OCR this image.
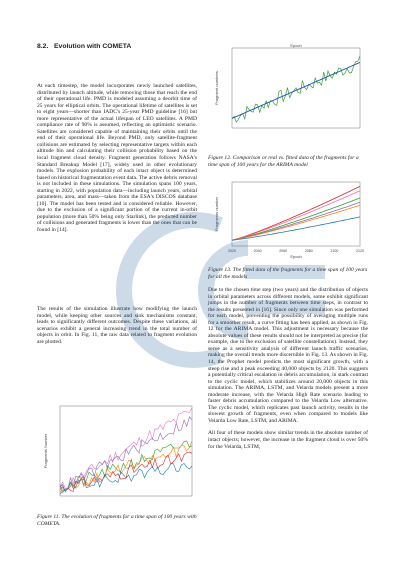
8.2. Evolution with COMETA

At each timestep, the model incorporates newly launched satellites, distributed by launch altitude, while removing those that reach the end of their operational life. PMD is modeled assuming a deorbit time of 25 years for elliptical orbits. The operational lifetime of satellites is set to eight years—shorter than IADC's 25-year PMD guideline [16] but more representative of the actual lifespan of LEO satellites. A PMD compliance rate of 90% is assumed, reflecting an optimistic scenario. Satellites are considered capable of maintaining their orbits until the end of their operational life. Beyond PMD, only satellite-fragment collisions are estimated by selecting representative targets within each altitude bin and calculating their collision probability based on the local fragment cloud density. Fragment generation follows NASA's Standard Breakup Model [17], widely used in other evolutionary models. The explosion probability of each intact object is determined based on historical fragmentation event data. The active debris removal is not included in these simulations. The simulation spans 100 years, starting in 2022, with population data—including launch years, orbital parameters, area, and mass—taken from the ESA's DISCOS database [10]. The model has been tested and is considered reliable. However, due to the exclusion of a significant portion of the current in-orbit population (more than 50% being only Starlink), the predicted number of collisions and generated fragments is lower than the ones that can be found in [14].

The results of the simulation illustrate how modifying the launch model, while keeping other sources and sink mechanisms constant, leads to significantly different outcomes. Despite these variations, all scenarios exhibit a general increasing trend in the total number of objects in orbit. In Fig. 11, the raw data related to fragment evolution are plotted.

Fragments Number
Figure 11. The evolution of fragments for a time span of 100 years with COMETA.
Epoch
Fragment numbers
Figure 12. Comparison or real vs. fitted data of the fragments for a time span of 100 years for the ARIMA model
2020	2040	2060	2080	2100	2120
Epoch
Fragments number
Figure 13. The fitted data of the fragments for a time span of 100 years for all the models

Due to the chosen time step (two years) and the distribution of objects in orbital parameters across different models, some exhibit significant jumps in the number of fragments between time steps, in contrast to the results presented in [16]. Since only one simulation was performed for each model, preventing the possibility of averaging multiple runs for a smoother result, a curve fitting has been applied, as shown in Fig. 12 for the ARIMA model. This adjustment is necessary because the absolute values of these results should not be interpreted as precise (for example, due to the exclusion of satellite constellations). Instead, they serve as a sensitivity analysis of different launch traffic scenarios, making the overall trends more discernible in Fig. 13. As shown in Fig. 14, the Prophet model predicts the most significant growth, with a steep rise and a peak exceeding 40,000 objects by 2120. This suggests a potentially critical escalation in debris accumulation, in stark contrast to the cyclic model, which stabilizes around 20,000 objects in this simulation. The ARIMA, LSTM, and Velarda models present a more moderate increase, with the Velarda High Rate scenario leading to faster debris accumulation compared to the Velarda Low alternative. The cyclic model, which replicates past launch activity, results in the slowest growth of fragments, even when compared to models like Velarda Low Rate, LSTM, and ARIMA.

All four of these models show similar trends in the absolute number of intact objects; however, the increase in the fragment cloud is over 50% for the Velarda, LSTM,
